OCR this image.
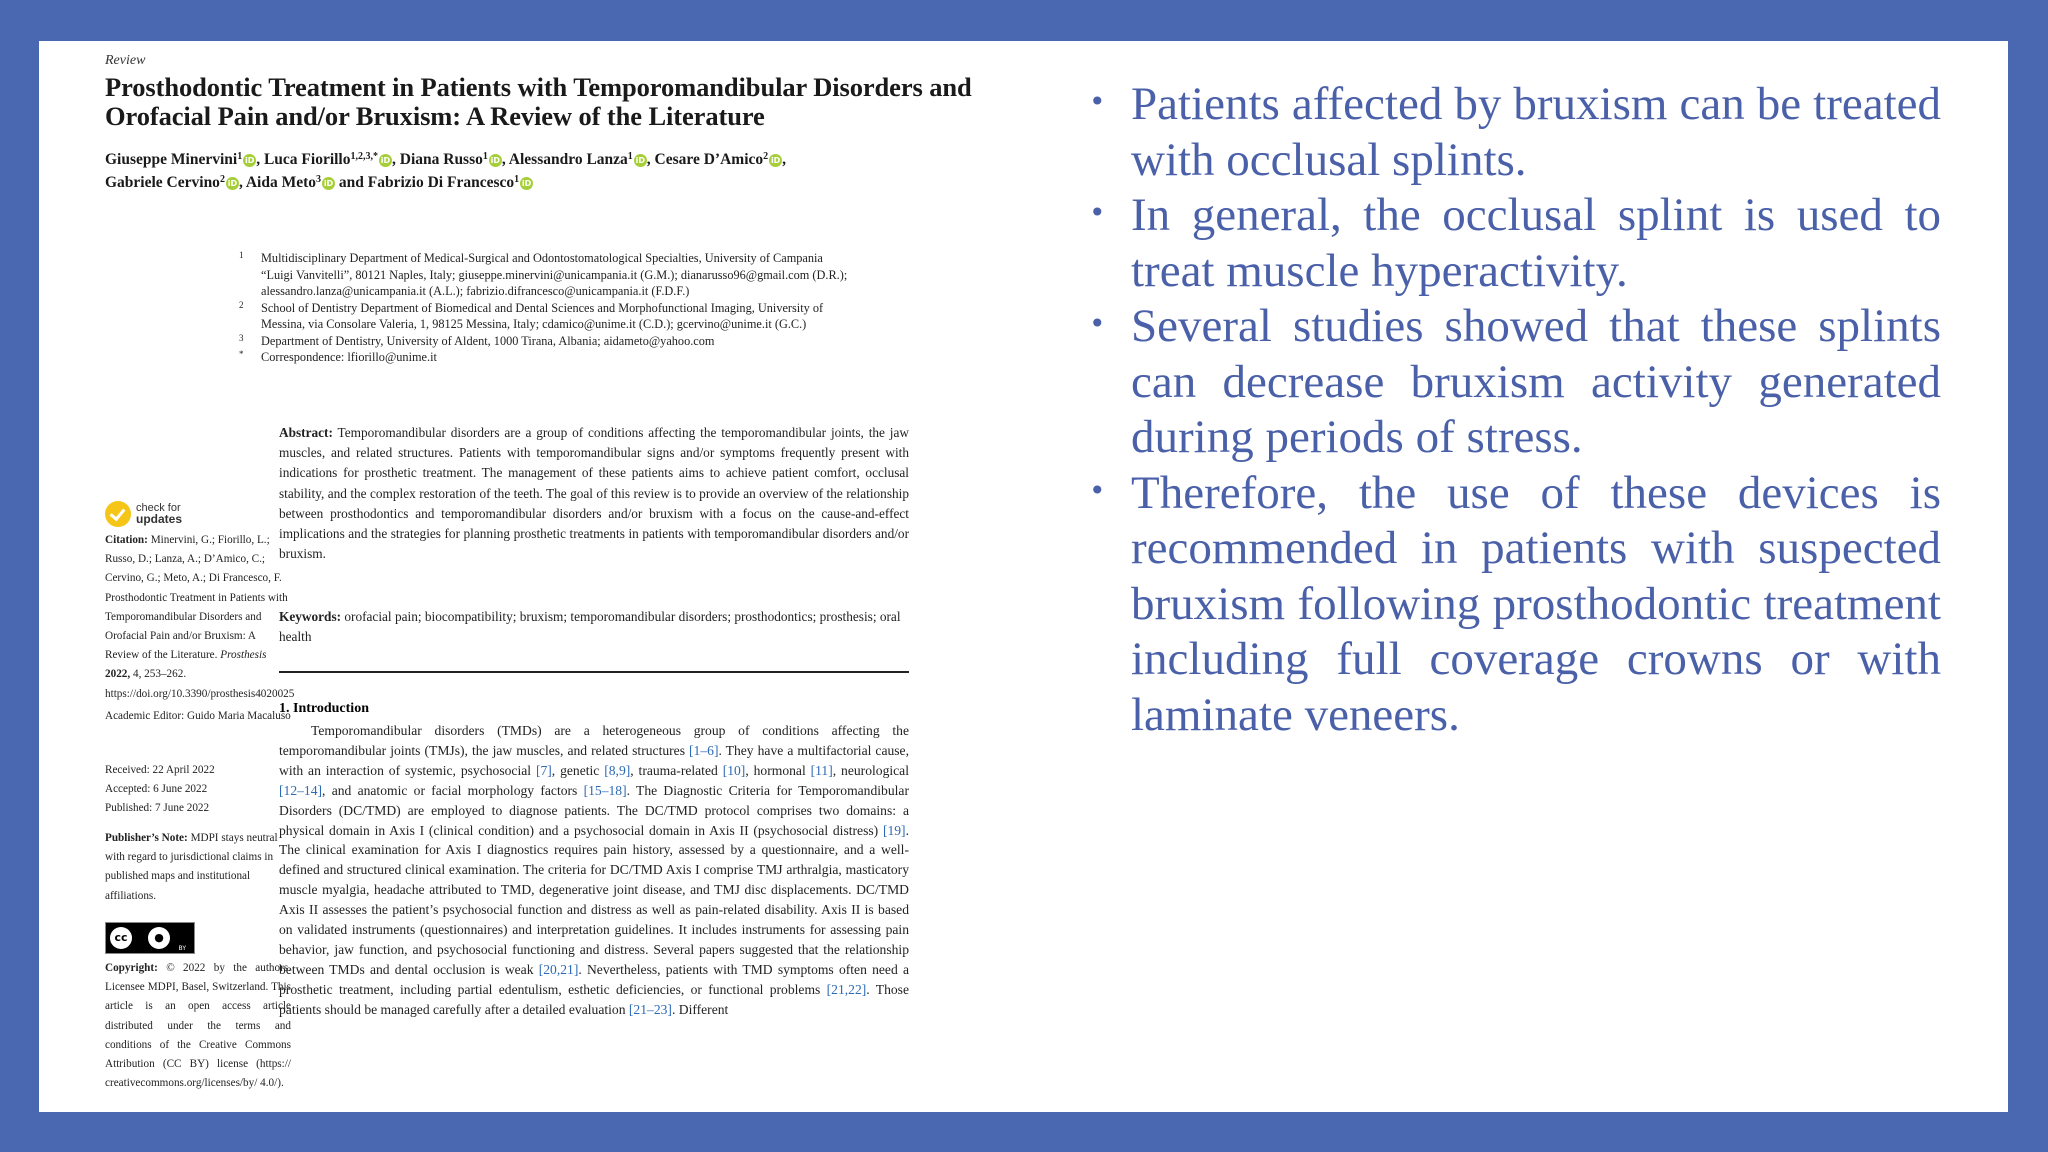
Review
Prosthodontic Treatment in Patients with Temporomandibular Disorders and Orofacial Pain and/or Bruxism: A Review of the Literature
Giuseppe Minervini$^1$ iD , Luca Fiorillo$^{1,2,3,*}$ iD , Diana Russo$^1$ iD , Alessandro Lanza$^1$ iD , Cesare D’Amico$^2$ iD ,
Gabriele Cervino$^2$ iD , Aida Meto$^3$ iD and Fabrizio Di Francesco$^1$ iD
1 Multidisciplinary Department of Medical-Surgical and Odontostomatological Specialties, University of Campania “Luigi Vanvitelli”, 80121 Naples, Italy; giuseppe.minervini@unicampania.it (G.M.); dianarusso96@gmail.com (D.R.); alessandro.lanza@unicampania.it (A.L.); fabrizio.difrancesco@unicampania.it (F.D.F.)
2 School of Dentistry Department of Biomedical and Dental Sciences and Morphofunctional Imaging, University of Messina, via Consolare Valeria, 1, 98125 Messina, Italy; cdamico@unime.it (C.D.); gcervino@unime.it (G.C.)
3 Department of Dentistry, University of Aldent, 1000 Tirana, Albania; aidameto@yahoo.com
* Correspondence: lfiorillo@unime.it
check for
updates
Citation: Minervini, G.; Fiorillo, L.; Russo, D.; Lanza, A.; D’Amico, C.; Cervino, G.; Meto, A.; Di Francesco, F. Prosthodontic Treatment in Patients with Temporomandibular Disorders and Orofacial Pain and/or Bruxism: A Review of the Literature. Prosthesis 2022, 4, 253–262. https://doi.org/10.3390/prosthesis4020025
Academic Editor: Guido Maria Macaluso
Received: 22 April 2022
Accepted: 6 June 2022
Published: 7 June 2022
Publisher’s Note: MDPI stays neutral with regard to jurisdictional claims in published maps and institutional affiliations.
cc	●
BY
Copyright: © 2022 by the authors. Licensee MDPI, Basel, Switzerland. This article is an open access article distributed under the terms and conditions of the Creative Commons Attribution (CC BY) license (https:// creativecommons.org/licenses/by/ 4.0/).
Abstract: Temporomandibular disorders are a group of conditions affecting the temporomandibular joints, the jaw muscles, and related structures. Patients with temporomandibular signs and/or symptoms frequently present with indications for prosthetic treatment. The management of these patients aims to achieve patient comfort, occlusal stability, and the complex restoration of the teeth. The goal of this review is to provide an overview of the relationship between prosthodontics and temporomandibular disorders and/or bruxism with a focus on the cause-and-effect implications and the strategies for planning prosthetic treatments in patients with temporomandibular disorders and/or bruxism.
Keywords: orofacial pain; biocompatibility; bruxism; temporomandibular disorders; prosthodontics; prosthesis; oral health
1. Introduction
Temporomandibular disorders (TMDs) are a heterogeneous group of conditions affecting the temporomandibular joints (TMJs), the jaw muscles, and related structures [1–6]. They have a multifactorial cause, with an interaction of systemic, psychosocial [7], genetic [8,9], trauma-related [10], hormonal [11], neurological [12–14], and anatomic or facial morphology factors [15–18]. The Diagnostic Criteria for Temporomandibular Disorders (DC/TMD) are employed to diagnose patients. The DC/TMD protocol comprises two domains: a physical domain in Axis I (clinical condition) and a psychosocial domain in Axis II (psychosocial distress) [19]. The clinical examination for Axis I diagnostics requires pain history, assessed by a questionnaire, and a well-defined and structured clinical examination. The criteria for DC/TMD Axis I comprise TMJ arthralgia, masticatory muscle myalgia, headache attributed to TMD, degenerative joint disease, and TMJ disc displacements. DC/TMD Axis II assesses the patient’s psychosocial function and distress as well as pain-related disability. Axis II is based on validated instruments (questionnaires) and interpretation guidelines. It includes instruments for assessing pain behavior, jaw function, and psychosocial functioning and distress. Several papers suggested that the relationship between TMDs and dental occlusion is weak [20,21]. Nevertheless, patients with TMD symptoms often need a prosthetic treatment, including partial edentulism, esthetic deficiencies, or functional problems [21,22]. Those patients should be managed carefully after a detailed evaluation [21–23]. Different
• Patients affected by bruxism can be treated with occlusal splints.
• In general, the occlusal splint is used to treat muscle hyperactivity.
• Several studies showed that these splints can decrease bruxism activity generated during periods of stress.
• Therefore, the use of these devices is recommended in patients with suspected bruxism following prosthodontic treatment including full coverage crowns or with laminate veneers.
